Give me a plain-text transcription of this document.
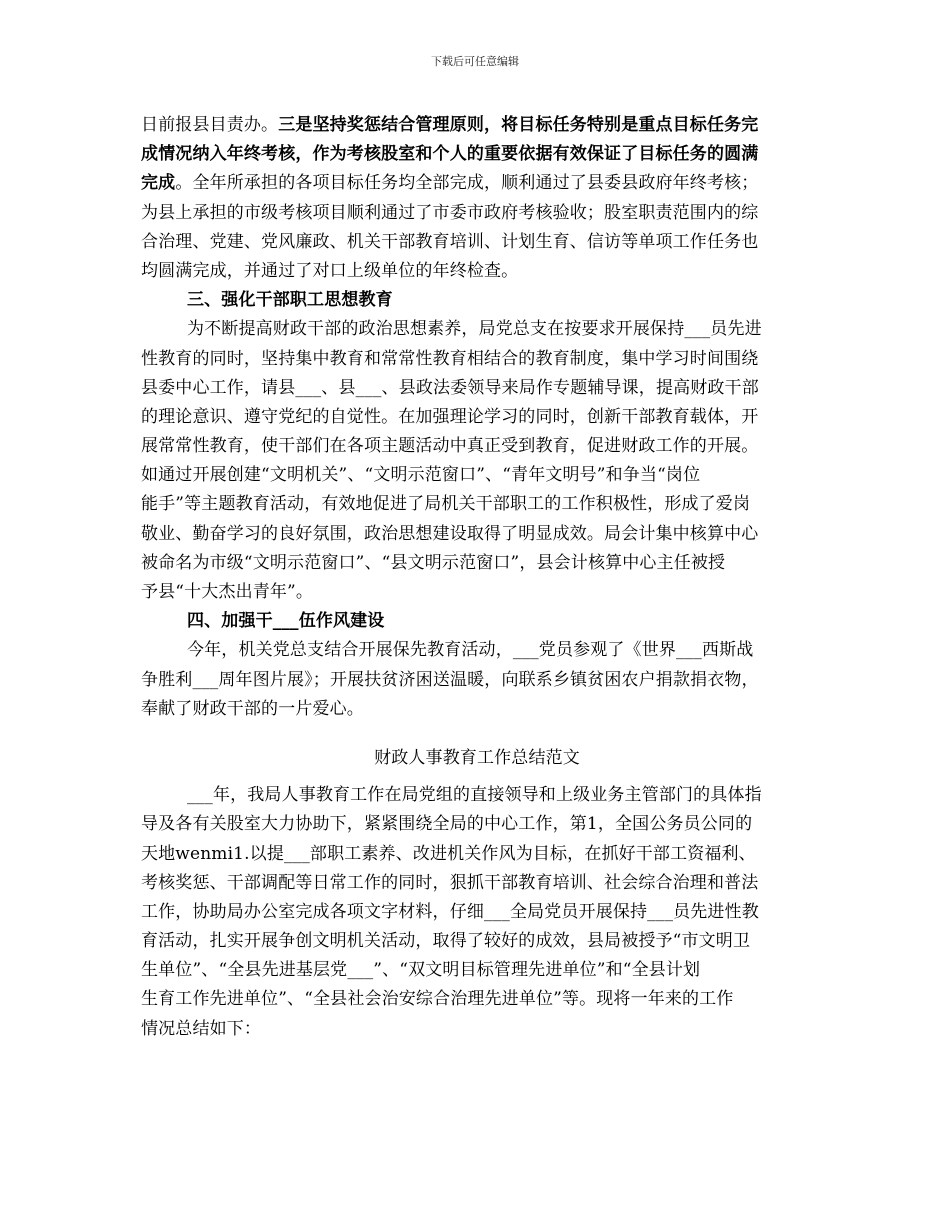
下载后可任意编辑
日前报县目责办。三是坚持奖惩结合管理原则，将目标任务特别是重点目标任务完
成情况纳入年终考核，作为考核股室和个人的重要依据有效保证了目标任务的圆满
完成。全年所承担的各项目标任务均全部完成，顺利通过了县委县政府年终考核；
为县上承担的市级考核项目顺利通过了市委市政府考核验收；股室职责范围内的综
合治理、党建、党风廉政、机关干部教育培训、计划生育、信访等单项工作任务也
均圆满完成，并通过了对口上级单位的年终检查。
三、强化干部职工思想教育
为不断提高财政干部的政治思想素养，局党总支在按要求开展保持___员先进
性教育的同时，坚持集中教育和常常性教育相结合的教育制度，集中学习时间围绕
县委中心工作，请县___、县___、县政法委领导来局作专题辅导课，提高财政干部
的理论意识、遵守党纪的自觉性。在加强理论学习的同时，创新干部教育载体，开
展常常性教育，使干部们在各项主题活动中真正受到教育，促进财政工作的开展。
如通过开展创建“文明机关”、“文明示范窗口”、“青年文明号”和争当“岗位
能手”等主题教育活动，有效地促进了局机关干部职工的工作积极性，形成了爱岗
敬业、勤奋学习的良好氛围，政治思想建设取得了明显成效。局会计集中核算中心
被命名为市级“文明示范窗口”、“县文明示范窗口”，县会计核算中心主任被授
予县“十大杰出青年”。
四、加强干___伍作风建设
今年，机关党总支结合开展保先教育活动，___党员参观了《世界___西斯战
争胜利___周年图片展》；开展扶贫济困送温暖，向联系乡镇贫困农户捐款捐衣物，
奉献了财政干部的一片爱心。
财政人事教育工作总结范文
___年，我局人事教育工作在局党组的直接领导和上级业务主管部门的具体指
导及各有关股室大力协助下，紧紧围绕全局的中心工作，第1，全国公务员公同的
天地wenmi1.以提___部职工素养、改进机关作风为目标，在抓好干部工资福利、
考核奖惩、干部调配等日常工作的同时，狠抓干部教育培训、社会综合治理和普法
工作，协助局办公室完成各项文字材料，仔细___全局党员开展保持___员先进性教
育活动，扎实开展争创文明机关活动，取得了较好的成效，县局被授予“市文明卫
生单位”、“全县先进基层党___”、“双文明目标管理先进单位”和“全县计划
生育工作先进单位”、“全县社会治安综合治理先进单位”等。现将一年来的工作
情况总结如下：
